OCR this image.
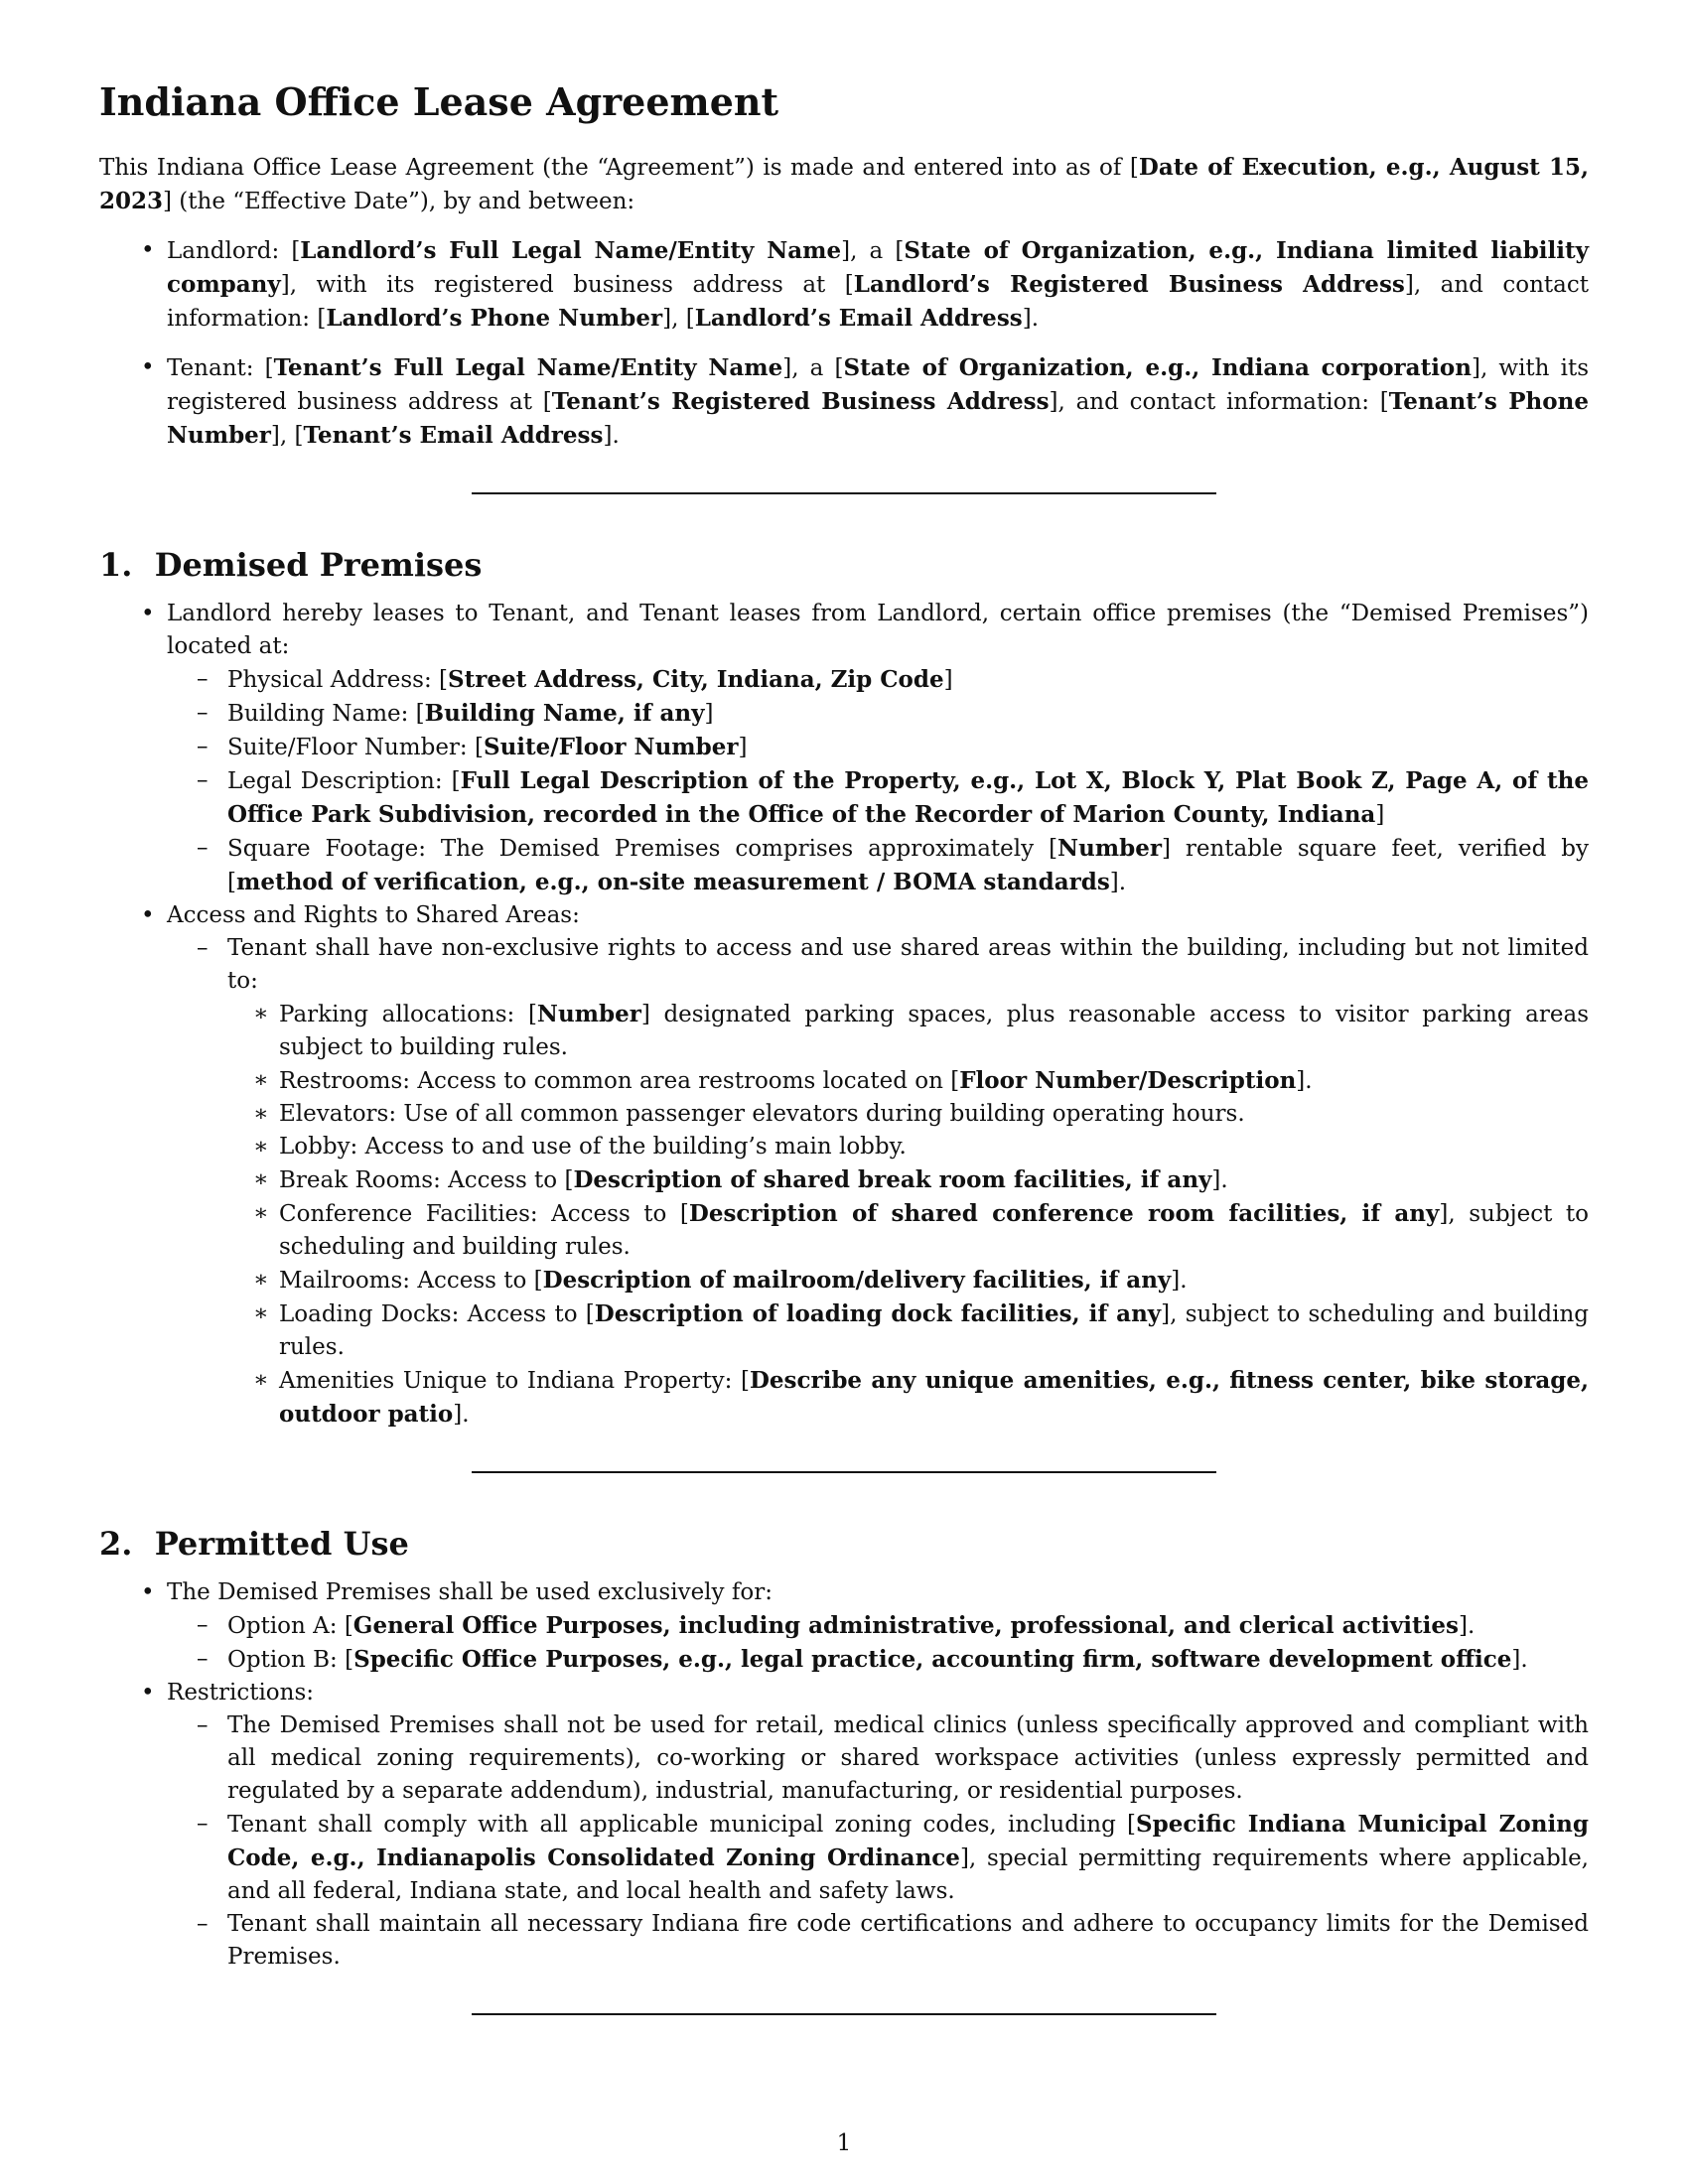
Indiana Office Lease Agreement

This Indiana Office Lease Agreement (the “Agreement”) is made and entered into as of [Date of Execution, e.g., August 15, 2023] (the “Effective Date”), by and between:

• Landlord: [Landlord’s Full Legal Name/Entity Name], a [State of Organization, e.g., Indiana limited liability company], with its registered business address at [Landlord’s Registered Business Address], and contact information: [Landlord’s Phone Number], [Landlord’s Email Address].
• Tenant: [Tenant’s Full Legal Name/Entity Name], a [State of Organization, e.g., Indiana corporation], with its registered business address at [Tenant’s Registered Business Address], and contact information: [Tenant’s Phone Number], [Tenant’s Email Address].
1.  Demised Premises
• Landlord hereby leases to Tenant, and Tenant leases from Landlord, certain office premises (the “Demised Premises”) located at:
– Physical Address: [Street Address, City, Indiana, Zip Code]
– Building Name: [Building Name, if any]
– Suite/Floor Number: [Suite/Floor Number]
– Legal Description: [Full Legal Description of the Property, e.g., Lot X, Block Y, Plat Book Z, Page A, of the Office Park Subdivision, recorded in the Office of the Recorder of Marion County, Indiana]
– Square Footage: The Demised Premises comprises approximately [Number] rentable square feet, verified by [method of verification, e.g., on-site measurement / BOMA standards].
• Access and Rights to Shared Areas:
– Tenant shall have non-exclusive rights to access and use shared areas within the building, including but not limited to:
∗ Parking allocations: [Number] designated parking spaces, plus reasonable access to visitor parking areas subject to building rules.
∗ Restrooms: Access to common area restrooms located on [Floor Number/Description].
∗ Elevators: Use of all common passenger elevators during building operating hours.
∗ Lobby: Access to and use of the building’s main lobby.
∗ Break Rooms: Access to [Description of shared break room facilities, if any].
∗ Conference Facilities: Access to [Description of shared conference room facilities, if any], subject to scheduling and building rules.
∗ Mailrooms: Access to [Description of mailroom/delivery facilities, if any].
∗ Loading Docks: Access to [Description of loading dock facilities, if any], subject to scheduling and building rules.
∗ Amenities Unique to Indiana Property: [Describe any unique amenities, e.g., fitness center, bike storage, outdoor patio].
2.  Permitted Use
• The Demised Premises shall be used exclusively for:
– Option A: [General Office Purposes, including administrative, professional, and clerical activities].
– Option B: [Specific Office Purposes, e.g., legal practice, accounting firm, software development office].
• Restrictions:
– The Demised Premises shall not be used for retail, medical clinics (unless specifically approved and compliant with all medical zoning requirements), co-working or shared workspace activities (unless expressly permitted and regulated by a separate addendum), industrial, manufacturing, or residential purposes.
– Tenant shall comply with all applicable municipal zoning codes, including [Specific Indiana Municipal Zoning Code, e.g., Indianapolis Consolidated Zoning Ordinance], special permitting requirements where applicable, and all federal, Indiana state, and local health and safety laws.
– Tenant shall maintain all necessary Indiana fire code certifications and adhere to occupancy limits for the Demised Premises.
1
